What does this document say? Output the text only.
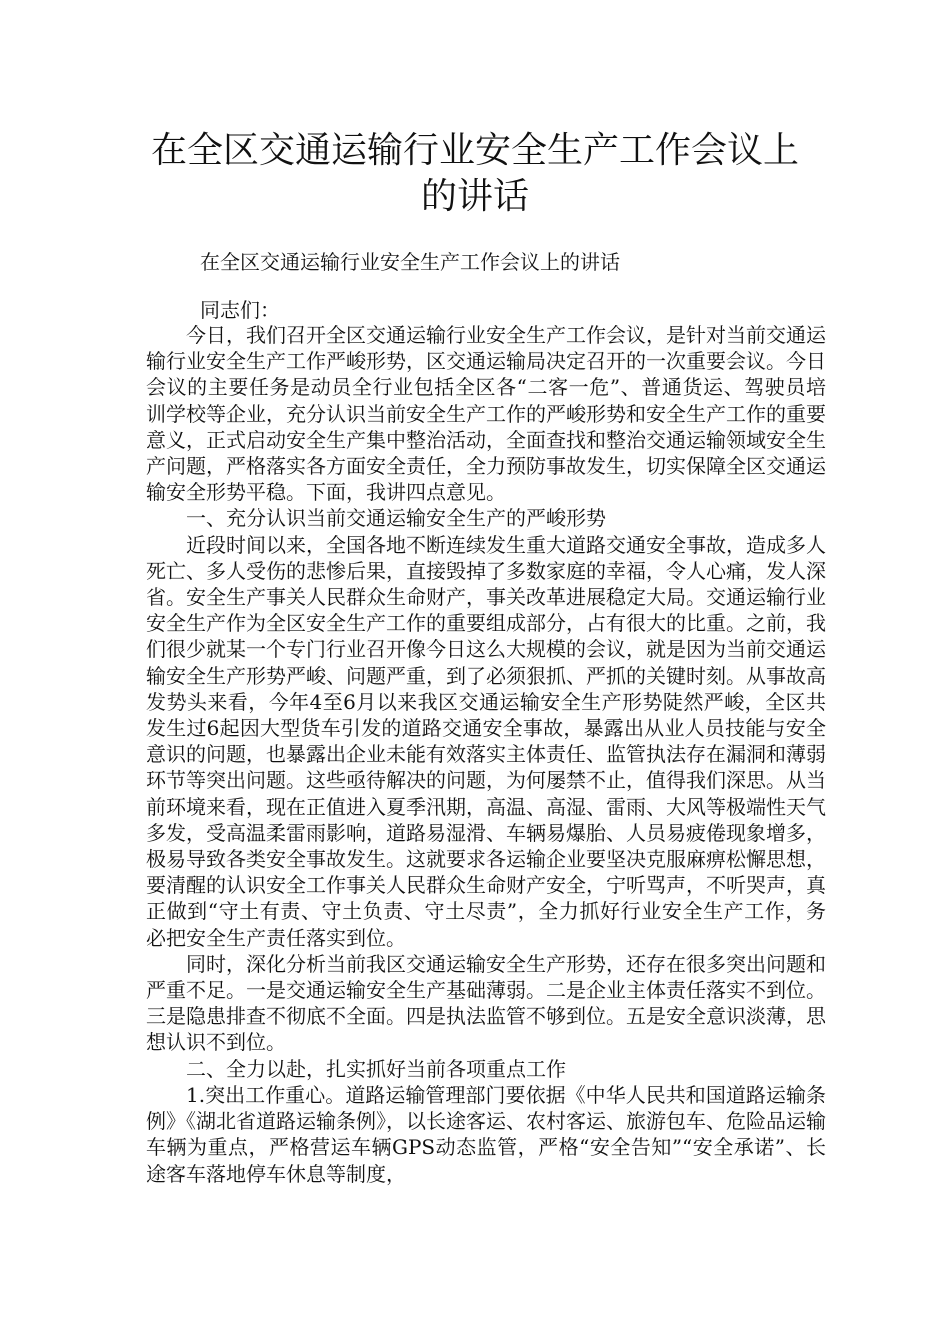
在全区交通运输行业安全生产工作会议上
的讲话

在全区交通运输行业安全生产工作会议上的讲话

同志们：

今日，我们召开全区交通运输行业安全生产工作会议，是针对当前交通运输行业安全生产工作严峻形势，区交通运输局决定召开的一次重要会议。今日会议的主要任务是动员全行业包括全区各“二客一危”、普通货运、驾驶员培训学校等企业，充分认识当前安全生产工作的严峻形势和安全生产工作的重要意义，正式启动安全生产集中整治活动，全面查找和整治交通运输领域安全生产问题，严格落实各方面安全责任，全力预防事故发生，切实保障全区交通运输安全形势平稳。下面，我讲四点意见。

一、充分认识当前交通运输安全生产的严峻形势

近段时间以来，全国各地不断连续发生重大道路交通安全事故，造成多人死亡、多人受伤的悲惨后果，直接毁掉了多数家庭的幸福，令人心痛，发人深省。安全生产事关人民群众生命财产，事关改革进展稳定大局。交通运输行业安全生产作为全区安全生产工作的重要组成部分，占有很大的比重。之前，我们很少就某一个专门行业召开像今日这么大规模的会议，就是因为当前交通运输安全生产形势严峻、问题严重，到了必须狠抓、严抓的关键时刻。从事故高发势头来看，今年4至6月以来我区交通运输安全生产形势陡然严峻，全区共发生过6起因大型货车引发的道路交通安全事故，暴露出从业人员技能与安全意识的问题，也暴露出企业未能有效落实主体责任、监管执法存在漏洞和薄弱环节等突出问题。这些亟待解决的问题，为何屡禁不止，值得我们深思。从当前环境来看，现在正值进入夏季汛期，高温、高湿、雷雨、大风等极端性天气多发，受高温柔雷雨影响，道路易湿滑、车辆易爆胎、人员易疲倦现象增多，极易导致各类安全事故发生。这就要求各运输企业要坚决克服麻痹松懈思想，要清醒的认识安全工作事关人民群众生命财产安全，宁听骂声，不听哭声，真正做到“守土有责、守土负责、守土尽责”，全力抓好行业安全生产工作，务必把安全生产责任落实到位。

同时，深化分析当前我区交通运输安全生产形势，还存在很多突出问题和严重不足。一是交通运输安全生产基础薄弱。二是企业主体责任落实不到位。三是隐患排查不彻底不全面。四是执法监管不够到位。五是安全意识淡薄，思想认识不到位。

二、全力以赴，扎实抓好当前各项重点工作

1.突出工作重心。道路运输管理部门要依据《中华人民共和国道路运输条例》《湖北省道路运输条例》，以长途客运、农村客运、旅游包车、危险品运输车辆为重点，严格营运车辆GPS动态监管，严格“安全告知”“安全承诺”、长途客车落地停车休息等制度，
